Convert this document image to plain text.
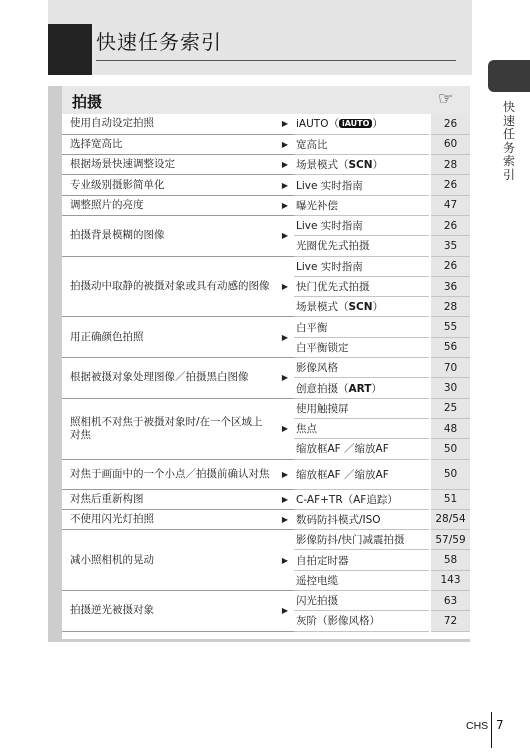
快速任务索引
快
速
任
务
索
引
拍摄	☞
使用自动设定拍照	▶	iAUTO（ iAUTO ）	26
选择宽高比	▶	宽高比	60
根据场景快速调整设定	▶	场景模式（SCN）	28
专业级别摄影简单化	▶	Live 实时指南	26
调整照片的亮度	▶	曝光补偿	47
拍摄背景模糊的图像	▶	Live 实时指南	26
		光圈优先式拍摄	35
拍摄动中取静的被摄对象或具有动感的图像	▶	Live 实时指南	26
		快门优先式拍摄	36
		场景模式（SCN）	28
用正确颜色拍照	▶	白平衡	55
		白平衡锁定	56
根据被摄对象处理图像／拍摄黑白图像	▶	影像风格	70
		创意拍摄（ART）	30
照相机不对焦于被摄对象时/在一个区域上对焦	▶	使用触摸屏	25
		焦点	48
		缩放框AF ／缩放AF	50
对焦于画面中的一个小点／拍摄前确认对焦	▶	缩放框AF ／缩放AF	50
对焦后重新构图	▶	C-AF+TR（AF追踪）	51
不使用闪光灯拍照	▶	数码防抖模式/ISO	28/54
减小照相机的晃动	▶	影像防抖/快门减震拍摄	57/59
		自拍定时器	58
		遥控电缆	143
拍摄逆光被摄对象	▶	闪光拍摄	63
		灰阶（影像风格）	72
CHS 7
